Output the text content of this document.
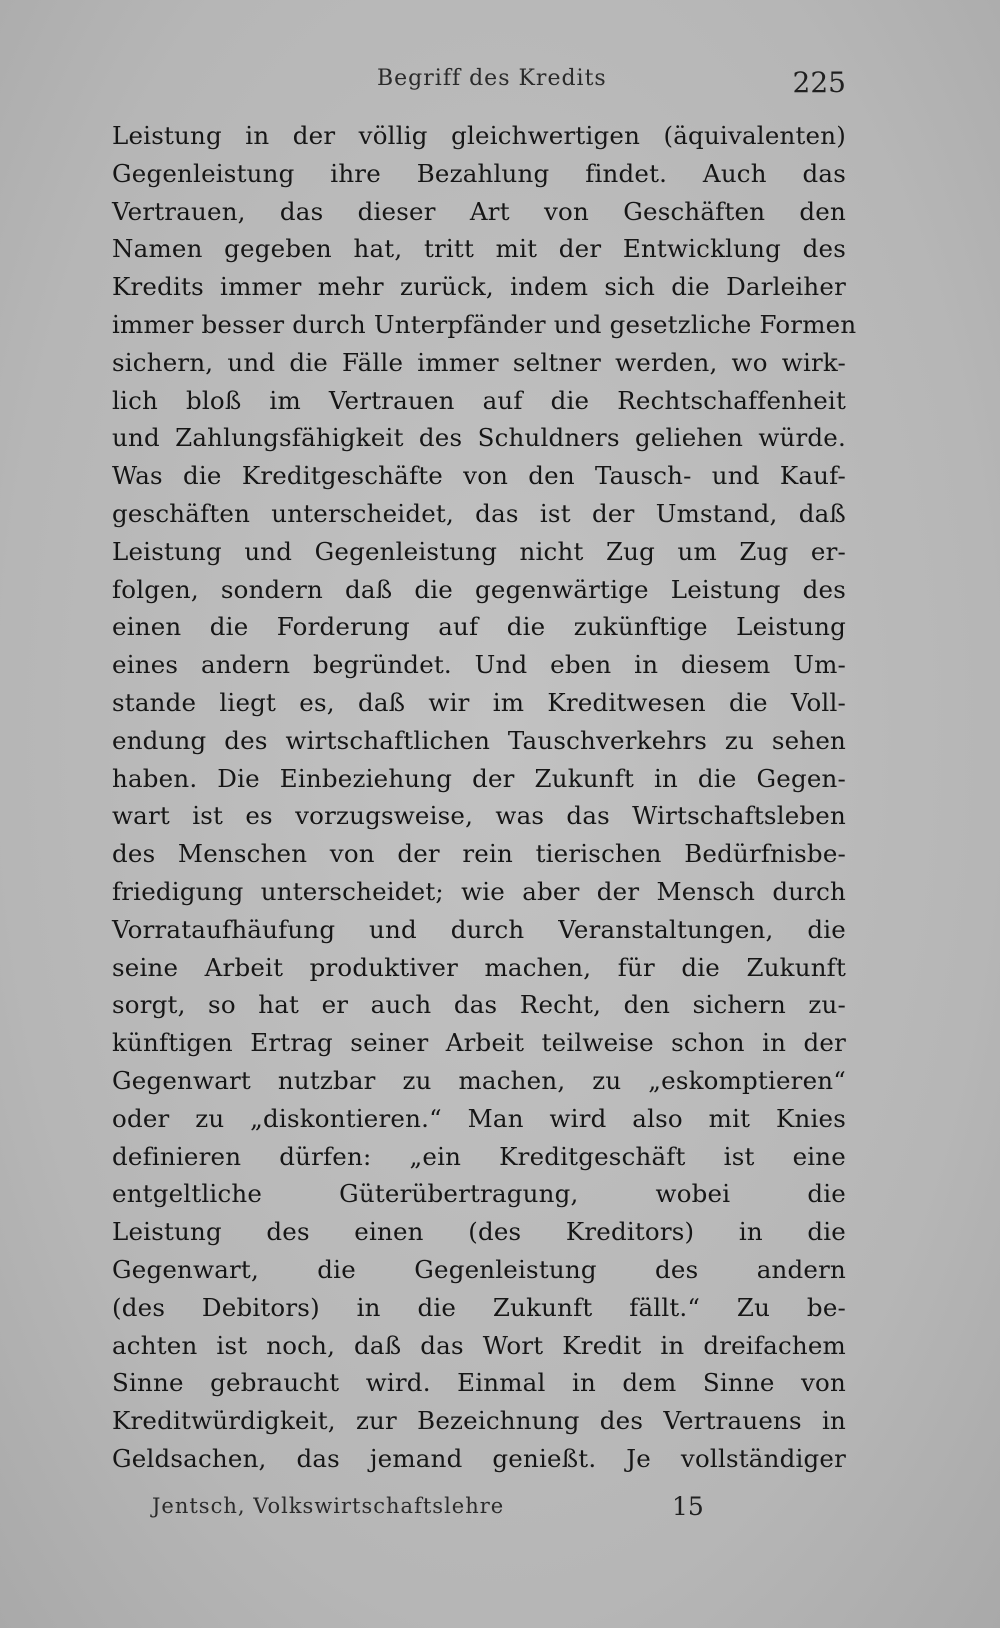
Begriff des Kredits	225
Leistung in der völlig gleichwertigen (äquivalenten)
Gegenleistung ihre Bezahlung findet. Auch das
Vertrauen, das dieser Art von Geschäften den
Namen gegeben hat, tritt mit der Entwicklung des
Kredits immer mehr zurück, indem sich die Darleiher
immer besser durch Unterpfänder und gesetzliche Formen
sichern, und die Fälle immer seltner werden, wo wirk-
lich bloß im Vertrauen auf die Rechtschaffenheit
und Zahlungsfähigkeit des Schuldners geliehen würde.
Was die Kreditgeschäfte von den Tausch- und Kauf-
geschäften unterscheidet, das ist der Umstand, daß
Leistung und Gegenleistung nicht Zug um Zug er-
folgen, sondern daß die gegenwärtige Leistung des
einen die Forderung auf die zukünftige Leistung
eines andern begründet. Und eben in diesem Um-
stande liegt es, daß wir im Kreditwesen die Voll-
endung des wirtschaftlichen Tauschverkehrs zu sehen
haben. Die Einbeziehung der Zukunft in die Gegen-
wart ist es vorzugsweise, was das Wirtschaftsleben
des Menschen von der rein tierischen Bedürfnisbe-
friedigung unterscheidet; wie aber der Mensch durch
Vorrataufhäufung und durch Veranstaltungen, die
seine Arbeit produktiver machen, für die Zukunft
sorgt, so hat er auch das Recht, den sichern zu-
künftigen Ertrag seiner Arbeit teilweise schon in der
Gegenwart nutzbar zu machen, zu „eskomptieren“
oder zu „diskontieren.“ Man wird also mit Knies
definieren dürfen: „ein Kreditgeschäft ist eine
entgeltliche Güterübertragung, wobei die
Leistung des einen (des Kreditors) in die
Gegenwart, die Gegenleistung des andern
(des Debitors) in die Zukunft fällt.“ Zu be-
achten ist noch, daß das Wort Kredit in dreifachem
Sinne gebraucht wird. Einmal in dem Sinne von
Kreditwürdigkeit, zur Bezeichnung des Vertrauens in
Geldsachen, das jemand genießt. Je vollständiger
Jentsch, Volkswirtschaftslehre	15
